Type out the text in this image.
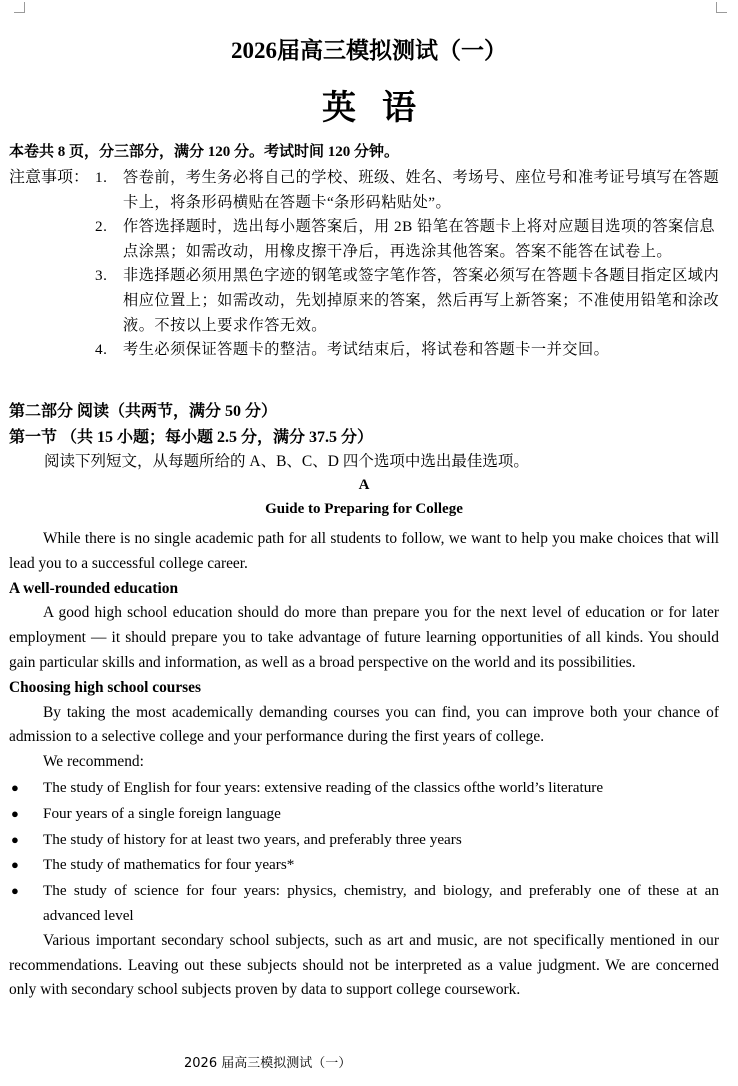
2026届高三模拟测试（一）
英语
本卷共 8 页，分三部分，满分 120 分。考试时间 120 分钟。
注意事项： 1. 答卷前，考生务必将自己的学校、班级、姓名、考场号、座位号和准考证号填写在答题卡上，将条形码横贴在答题卡“条形码粘贴处”。
2. 作答选择题时，选出每小题答案后，用 2B 铅笔在答题卡上将对应题目选项的答案信息点涂黑；如需改动，用橡皮擦干净后，再选涂其他答案。答案不能答在试卷上。
3. 非选择题必须用黑色字迹的钢笔或签字笔作答，答案必须写在答题卡各题目指定区域内相应位置上；如需改动，先划掉原来的答案，然后再写上新答案；不准使用铅笔和涂改液。不按以上要求作答无效。
4. 考生必须保证答题卡的整洁。考试结束后，将试卷和答题卡一并交回。
第二部分 阅读（共两节，满分 50 分）
第一节 （共 15 小题；每小题 2.5 分，满分 37.5 分）
阅读下列短文，从每题所给的 A、B、C、D 四个选项中选出最佳选项。
A
Guide to Preparing for College

While there is no single academic path for all students to follow, we want to help you make choices that will lead you to a successful college career.

A well-rounded education

A good high school education should do more than prepare you for the next level of education or for later employment — it should prepare you to take advantage of future learning opportunities of all kinds. You should gain particular skills and information, as well as a broad perspective on the world and its possibilities.

Choosing high school courses

By taking the most academically demanding courses you can find, you can improve both your chance of admission to a selective college and your performance during the first years of college.

We recommend:

● The study of English for four years: extensive reading of the classics ofthe world’s literature
● Four years of a single foreign language
● The study of history for at least two years, and preferably three years
● The study of mathematics for four years*
● The study of science for four years: physics, chemistry, and biology, and preferably one of these at an advanced level

Various important secondary school subjects, such as art and music, are not specifically mentioned in our recommendations. Leaving out these subjects should not be interpreted as a value judgment. We are concerned only with secondary school subjects proven by data to support college coursework.

2026 届高三模拟测试（一）
